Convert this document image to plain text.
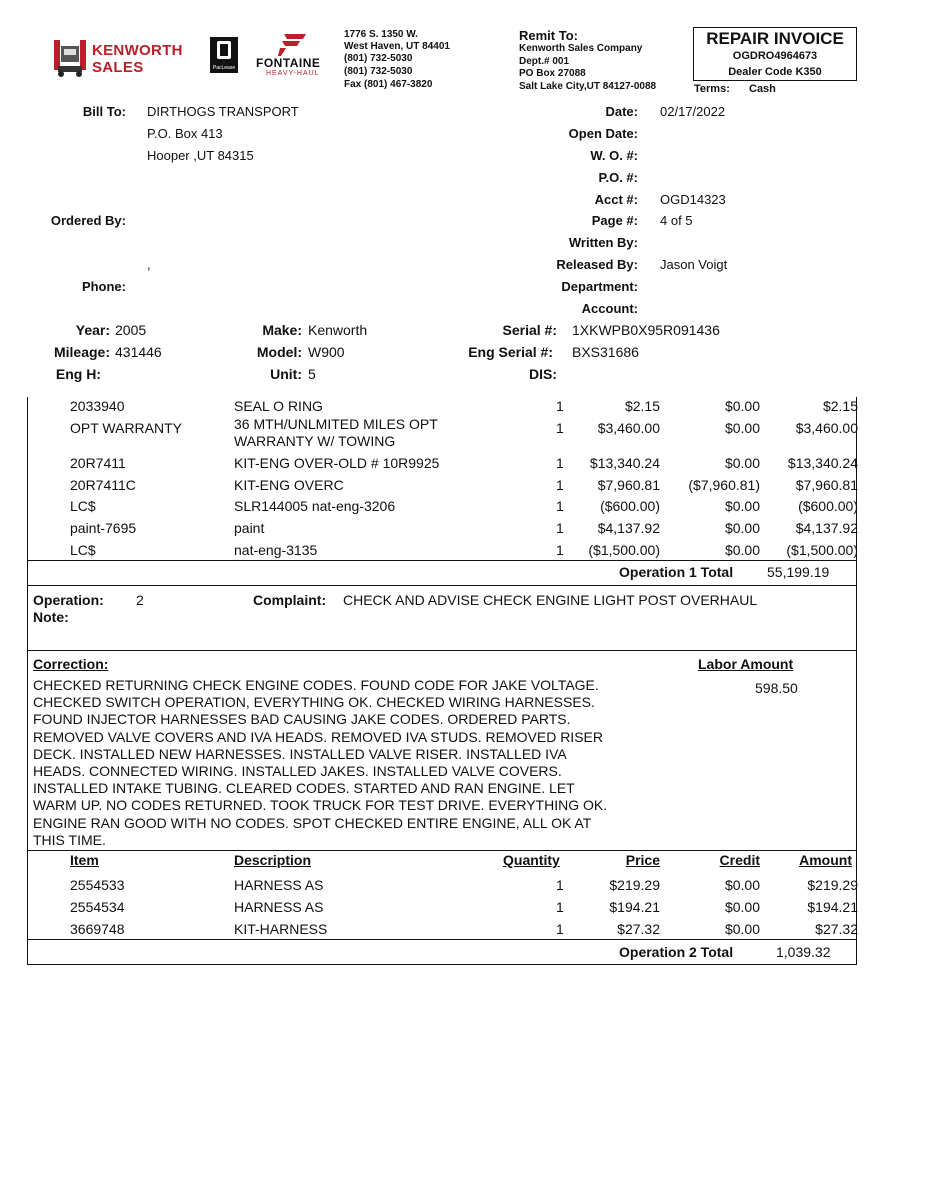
KENWORTH SALES	PacLease FONTAINE
HEAVY-HAUL
1776 S. 1350 W.
West Haven, UT 84401
(801) 732-5030
(801) 732-5030
Fax (801) 467-3820
Remit To:
Kenworth Sales Company
Dept.# 001
PO Box 27088
Salt Lake City,UT 84127-0088
REPAIR INVOICE
OGDRO4964673
Dealer Code K350
Terms: Cash
Bill To: DIRTHOGS TRANSPORT
P.O. Box 413
Hooper ,UT 84315
Ordered By:
,
Phone:
Date: 02/17/2022
Open Date:
W. O. #:
P.O. #:
Acct #: OGD14323
Page #: 4 of 5
Written By:
Released By: Jason Voigt
Department:
Account:
Year: 2005
Mileage: 431446
Eng H:
Make: Kenworth
Model: W900
Unit: 5
Serial #: 1XKWPB0X95R091436
Eng Serial #: BXS31686
DIS:
2033940	SEAL O RING	1	$2.15	$0.00	$2.15
OPT WARRANTY	36 MTH/UNLMITED MILES OPT
WARRANTY W/ TOWING
1	$3,460.00	$0.00	$3,460.00
20R7411	KIT-ENG OVER-OLD # 10R9925	1	$13,340.24	$0.00	$13,340.24
20R7411C	KIT-ENG OVERC	1	$7,960.81	($7,960.81)	$7,960.81
LC$	SLR144005 nat-eng-3206	1	($600.00)	$0.00	($600.00)
paint-7695	paint	1	$4,137.92	$0.00	$4,137.92
LC$	nat-eng-3135	1	($1,500.00)	$0.00	($1,500.00)
Operation 1 Total 55,199.19
Operation: 2
Note:
Complaint: CHECK AND ADVISE CHECK ENGINE LIGHT POST OVERHAUL
Correction:	Labor Amount
598.50
CHECKED RETURNING CHECK ENGINE CODES. FOUND CODE FOR JAKE VOLTAGE.
CHECKED SWITCH OPERATION, EVERYTHING OK. CHECKED WIRING HARNESSES.
FOUND INJECTOR HARNESSES BAD CAUSING JAKE CODES. ORDERED PARTS.
REMOVED VALVE COVERS AND IVA HEADS. REMOVED IVA STUDS. REMOVED RISER
DECK. INSTALLED NEW HARNESSES. INSTALLED VALVE RISER. INSTALLED IVA
HEADS. CONNECTED WIRING. INSTALLED JAKES. INSTALLED VALVE COVERS.
INSTALLED INTAKE TUBING. CLEARED CODES. STARTED AND RAN ENGINE. LET
WARM UP. NO CODES RETURNED. TOOK TRUCK FOR TEST DRIVE. EVERYTHING OK.
ENGINE RAN GOOD WITH NO CODES. SPOT CHECKED ENTIRE ENGINE, ALL OK AT
THIS TIME.
Item	Description	Quantity	Price	Credit	Amount
2554533	HARNESS AS	1	$219.29	$0.00	$219.29
2554534	HARNESS AS	1	$194.21	$0.00	$194.21
3669748	KIT-HARNESS	1	$27.32	$0.00	$27.32
Operation 2 Total	1,039.32
